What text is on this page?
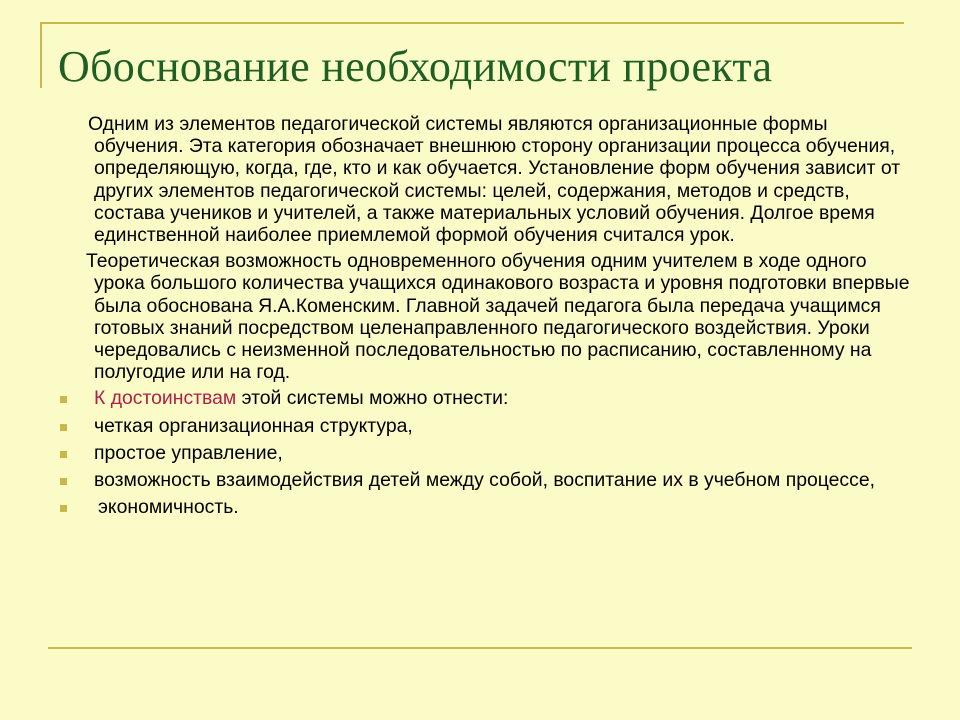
Обоснование необходимости проекта

Одним из элементов педагогической системы являются организационные формы обучения. Эта категория обозначает внешнюю сторону организации процесса обучения, определяющую, когда, где, кто и как обучается. Установление форм обучения зависит от других элементов педагогической системы: целей, содержания, методов и средств, состава учеников и учителей, а также материальных условий обучения. Долгое время единственной наиболее приемлемой формой обучения считался урок.

Теоретическая возможность одновременного обучения одним учителем в ходе одного урока большого количества учащихся одинакового возраста и уровня подготовки впервые была обоснована Я.А.Коменским. Главной задачей педагога была передача учащимся готовых знаний посредством целенаправленного педагогического воздействия. Уроки чередовались с неизменной последовательностью по расписанию, составленному на полугодие или на год.

К достоинствам этой системы можно отнести:
четкая организационная структура,
простое управление,
возможность взаимодействия детей между собой, воспитание их в учебном процессе,
экономичность.
